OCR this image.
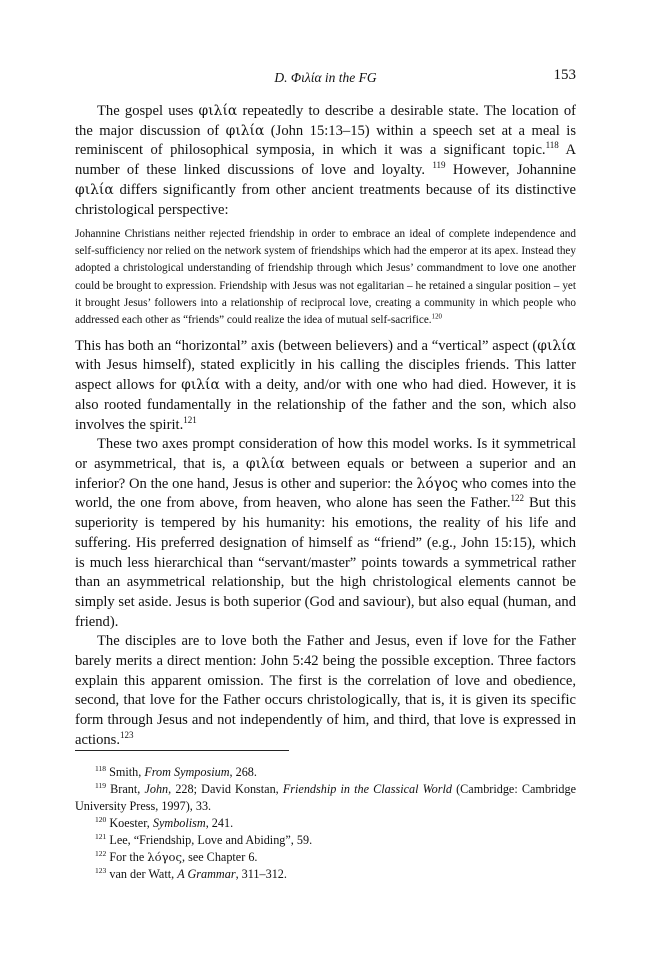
D. Φιλία in the FG	153

The gospel uses φιλία repeatedly to describe a desirable state. The location of the major discussion of φιλία (John 15:13–15) within a speech set at a meal is reminiscent of philosophical symposia, in which it was a significant topic.$^{118}$ A number of these linked discussions of love and loyalty. $^{119}$ However, Johannine φιλία differs significantly from other ancient treatments because of its distinctive christological perspective:

Johannine Christians neither rejected friendship in order to embrace an ideal of complete independence and self-sufficiency nor relied on the network system of friendships which had the emperor at its apex. Instead they adopted a christological understanding of friendship through which Jesus’ commandment to love one another could be brought to expression. Friendship with Jesus was not egalitarian – he retained a singular position – yet it brought Jesus’ followers into a relationship of reciprocal love, creating a community in which people who addressed each other as “friends” could realize the idea of mutual self-sacrifice.$^{120}$

This has both an “horizontal” axis (between believers) and a “vertical” aspect (φιλία with Jesus himself), stated explicitly in his calling the disciples friends. This latter aspect allows for φιλία with a deity, and/or with one who had died. However, it is also rooted fundamentally in the relationship of the father and the son, which also involves the spirit.$^{121}$

These two axes prompt consideration of how this model works. Is it symmetrical or asymmetrical, that is, a φιλία between equals or between a superior and an inferior? On the one hand, Jesus is other and superior: the λόγος who comes into the world, the one from above, from heaven, who alone has seen the Father.$^{122}$ But this superiority is tempered by his humanity: his emotions, the reality of his life and suffering. His preferred designation of himself as “friend” (e.g., John 15:15), which is much less hierarchical than “servant/master” points towards a symmetrical rather than an asymmetrical relationship, but the high christological elements cannot be simply set aside. Jesus is both superior (God and saviour), but also equal (human, and friend).

The disciples are to love both the Father and Jesus, even if love for the Father barely merits a direct mention: John 5:42 being the possible exception. Three factors explain this apparent omission. The first is the correlation of love and obedience, second, that love for the Father occurs christologically, that is, it is given its specific form through Jesus and not independently of him, and third, that love is expressed in actions.$^{123}$

$^{118}$ Smith, From Symposium, 268.

$^{119}$ Brant, John, 228; David Konstan, Friendship in the Classical World (Cambridge: Cambridge University Press, 1997), 33.

$^{120}$ Koester, Symbolism, 241.

$^{121}$ Lee, “Friendship, Love and Abiding”, 59.

$^{122}$ For the λόγος, see Chapter 6.

$^{123}$ van der Watt, A Grammar, 311–312.
